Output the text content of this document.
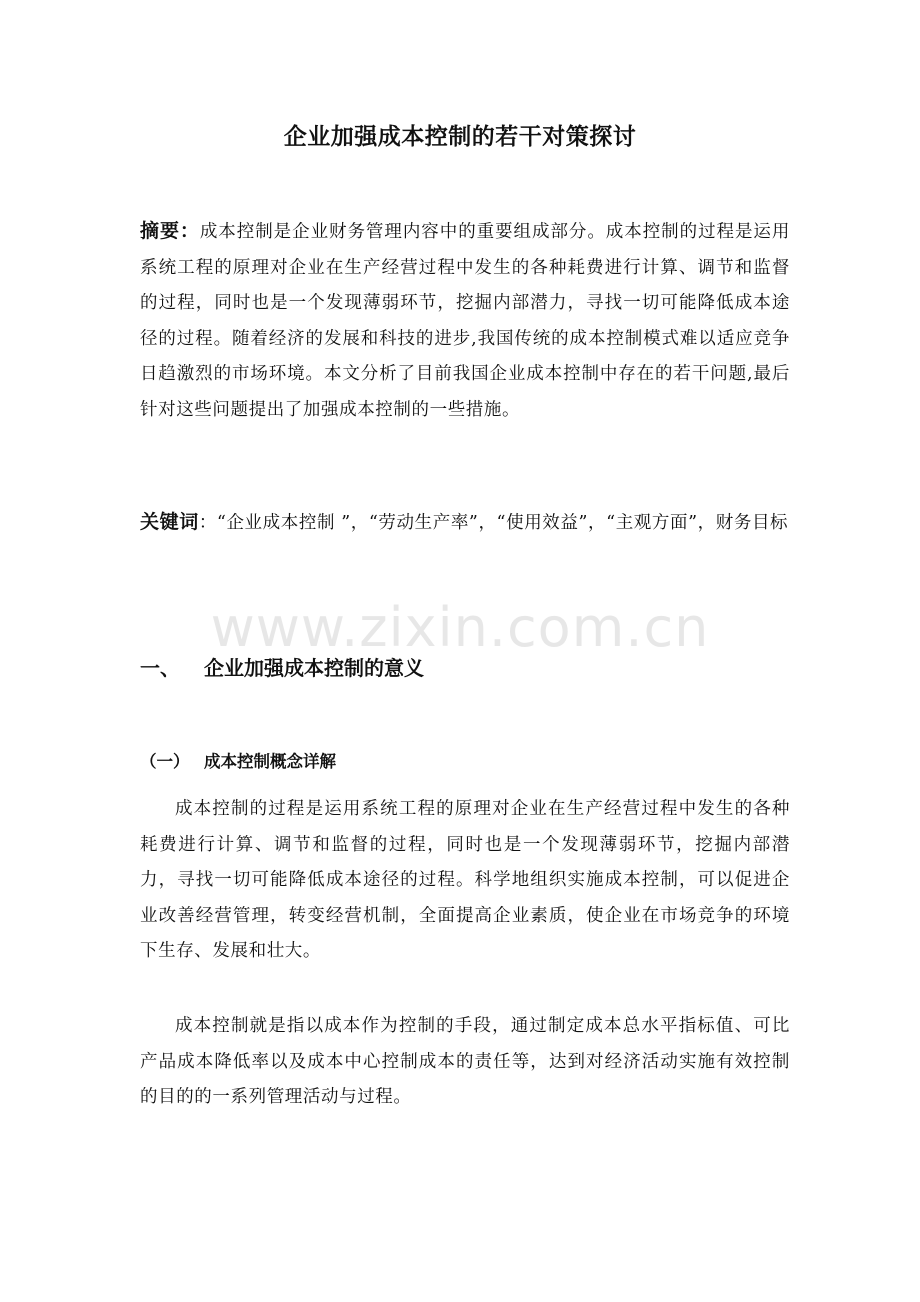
企业加强成本控制的若干对策探讨
摘要：成本控制是企业财务管理内容中的重要组成部分。成本控制的过程是运用系统工程的原理对企业在生产经营过程中发生的各种耗费进行计算、调节和监督的过程，同时也是一个发现薄弱环节，挖掘内部潜力，寻找一切可能降低成本途径的过程。随着经济的发展和科技的进步,我国传统的成本控制模式难以适应竞争日趋激烈的市场环境。本文分析了目前我国企业成本控制中存在的若干问题,最后针对这些问题提出了加强成本控制的一些措施。
关键词：“企业成本控制 ”，“劳动生产率”，“使用效益”，“主观方面”，财务目标
www.zixin.com.cn
一、 企业加强成本控制的意义
（一） 成本控制概念详解
成本控制的过程是运用系统工程的原理对企业在生产经营过程中发生的各种耗费进行计算、调节和监督的过程，同时也是一个发现薄弱环节，挖掘内部潜力，寻找一切可能降低成本途径的过程。科学地组织实施成本控制，可以促进企业改善经营管理，转变经营机制，全面提高企业素质，使企业在市场竞争的环境下生存、发展和壮大。
成本控制就是指以成本作为控制的手段，通过制定成本总水平指标值、可比产品成本降低率以及成本中心控制成本的责任等，达到对经济活动实施有效控制的目的的一系列管理活动与过程。
